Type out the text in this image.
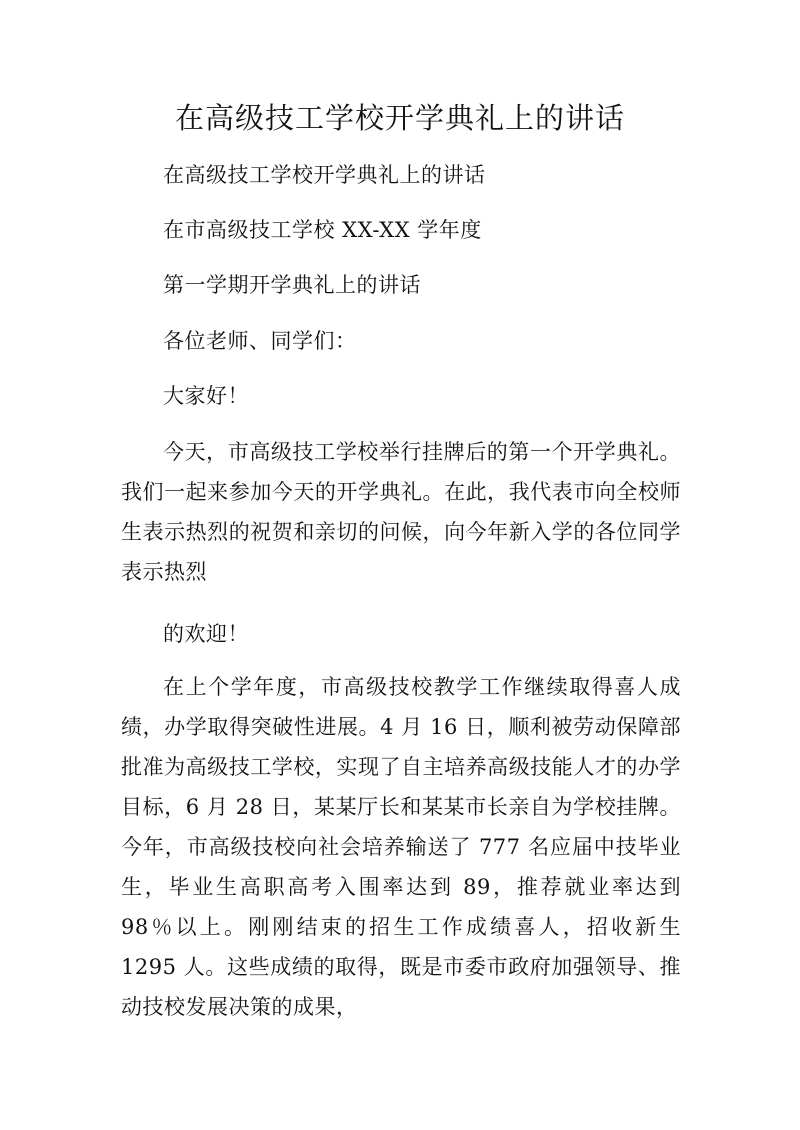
在高级技工学校开学典礼上的讲话

在高级技工学校开学典礼上的讲话

在市高级技工学校 XX-XX 学年度

第一学期开学典礼上的讲话

各位老师、同学们：

大家好！

今天，市高级技工学校举行挂牌后的第一个开学典礼。我们一起来参加今天的开学典礼。在此，我代表市向全校师生表示热烈的祝贺和亲切的问候，向今年新入学的各位同学表示热烈

的欢迎！

在上个学年度，市高级技校教学工作继续取得喜人成绩，办学取得突破性进展。4 月 16 日，顺利被劳动保障部批准为高级技工学校，实现了自主培养高级技能人才的办学目标，6 月 28 日，某某厅长和某某市长亲自为学校挂牌。今年，市高级技校向社会培养输送了 777 名应届中技毕业生，毕业生高职高考入围率达到 89，推荐就业率达到 98％以上。刚刚结束的招生工作成绩喜人，招收新生 1295 人。这些成绩的取得，既是市委市政府加强领导、推动技校发展决策的成果，
